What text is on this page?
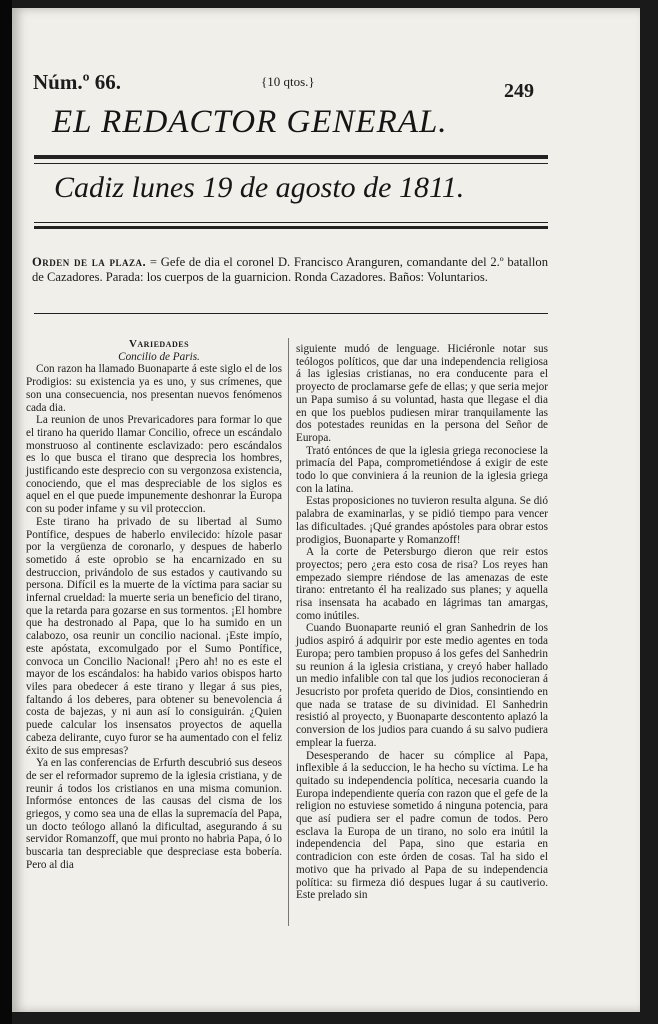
Núm.º 66.	{10 qtos.}	249
EL REDACTOR GENERAL.
Cadiz lunes 19 de agosto de 1811.
Orden de la plaza. = Gefe de dia el coronel D. Francisco Aranguren, comandante del 2.º batallon de Cazadores. Parada: los cuerpos de la guarnicion. Ronda Cazadores. Baños: Voluntarios.

Variedades

Concilio de Paris.

Con razon ha llamado Buonaparte á este siglo el de los Prodigios: su existencia ya es uno, y sus crímenes, que son una consecuencia, nos presentan nuevos fenómenos cada dia.

La reunion de unos Prevaricadores para formar lo que el tirano ha querido llamar Concilio, ofrece un escándalo monstruoso al continente esclavizado: pero escándalos es lo que busca el tirano que desprecia los hombres, justificando este desprecio con su vergonzosa existencia, conociendo, que el mas despreciable de los siglos es aquel en el que puede impunemente deshonrar la Europa con su poder infame y su vil proteccion.

Este tirano ha privado de su libertad al Sumo Pontífice, despues de haberlo envilecido: hízole pasar por la vergüenza de coronarlo, y despues de haberlo sometido á este oprobio se ha encarnizado en su destruccion, privándolo de sus estados y cautivando su persona. Difícil es la muerte de la víctima para saciar su infernal crueldad: la muerte seria un beneficio del tirano, que la retarda para gozarse en sus tormentos. ¡El hombre que ha destronado al Papa, que lo ha sumido en un calabozo, osa reunir un concilio nacional. ¡Este impío, este apóstata, excomulgado por el Sumo Pontífice, convoca un Concilio Nacional! ¡Pero ah! no es este el mayor de los escándalos: ha habido varios obispos harto viles para obedecer á este tirano y llegar á sus pies, faltando á los deberes, para obtener su benevolencia á costa de bajezas, y ni aun así lo consiguirán. ¿Quien puede calcular los insensatos proyectos de aquella cabeza delirante, cuyo furor se ha aumentado con el feliz éxito de sus empresas?

Ya en las conferencias de Erfurth descubrió sus deseos de ser el reformador supremo de la iglesia cristiana, y de reunir á todos los cristianos en una misma comunion. Informóse entonces de las causas del cisma de los griegos, y como sea una de ellas la supremacía del Papa, un docto teólogo allanó la dificultad, asegurando á su servidor Romanzoff, que mui pronto no habria Papa, ó lo buscaria tan despreciable que despreciase esta bobería. Pero al dia

siguiente mudó de lenguage. Hiciéronle notar sus teólogos políticos, que dar una independencia religiosa á las iglesias cristianas, no era conducente para el proyecto de proclamarse gefe de ellas; y que seria mejor un Papa sumiso á su voluntad, hasta que llegase el dia en que los pueblos pudiesen mirar tranquilamente las dos potestades reunidas en la persona del Señor de Europa.

Trató entónces de que la iglesia griega reconociese la primacía del Papa, comprometiéndose á exigir de este todo lo que conviniera á la reunion de la iglesia griega con la latina.

Estas proposiciones no tuvieron resulta alguna. Se dió palabra de examinarlas, y se pidió tiempo para vencer las dificultades. ¡Qué grandes apóstoles para obrar estos prodigios, Buonaparte y Romanzoff!

A la corte de Petersburgo dieron que reir estos proyectos; pero ¿era esto cosa de risa? Los reyes han empezado siempre riéndose de las amenazas de este tirano: entretanto él ha realizado sus planes; y aquella risa insensata ha acabado en lágrimas tan amargas, como inútiles.

Cuando Buonaparte reunió el gran Sanhedrin de los judios aspiró á adquirir por este medio agentes en toda Europa; pero tambien propuso á los gefes del Sanhedrin su reunion á la iglesia cristiana, y creyó haber hallado un medio infalible con tal que los judios reconocieran á Jesucristo por profeta querido de Dios, consintiendo en que nada se tratase de su divinidad. El Sanhedrin resistió al proyecto, y Buonaparte descontento aplazó la conversion de los judios para cuando á su salvo pudiera emplear la fuerza.

Desesperando de hacer su cómplice al Papa, inflexible á la seduccion, le ha hecho su víctima. Le ha quitado su independencia política, necesaria cuando la Europa independiente quería con razon que el gefe de la religion no estuviese sometido á ninguna potencia, para que así pudiera ser el padre comun de todos. Pero esclava la Europa de un tirano, no solo era inútil la independencia del Papa, sino que estaria en contradicion con este órden de cosas. Tal ha sido el motivo que ha privado al Papa de su independencia política: su firmeza dió despues lugar á su cautiverio. Este prelado sin
